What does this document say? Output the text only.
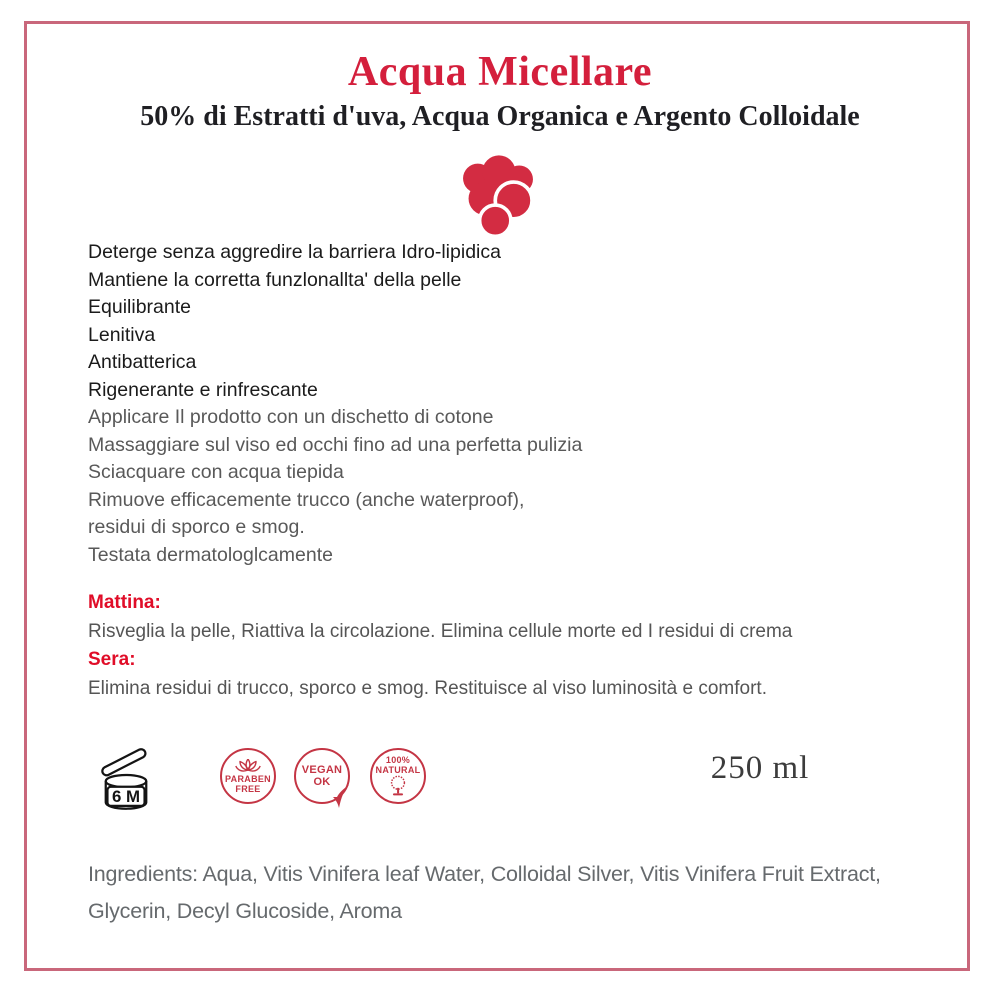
Acqua Micellare
50% di Estratti d'uva, Acqua Organica e Argento Colloidale
Deterge senza aggredire la barriera Idro-lipidica
Mantiene la corretta funzlonallta' della pelle
Equilibrante
Lenitiva
Antibatterica
Rigenerante e rinfrescante
Applicare Il prodotto con un dischetto di cotone
Massaggiare sul viso ed occhi fino ad una perfetta pulizia
Sciacquare con acqua tiepida
Rimuove efficacemente trucco (anche waterproof),
residui di sporco e smog.
Testata dermatologlcamente
Mattina:
Risveglia la pelle, Riattiva la circolazione. Elimina cellule morte ed I residui di crema
Sera:
Elimina residui di trucco, sporco e smog. Restituisce al viso luminosità e comfort.
6 M
PARABEN
FREE
VEGAN
OK
100%
NATURAL	250 ml
Ingredients: Aqua, Vitis Vinifera leaf Water, Colloidal Silver, Vitis Vinifera Fruit Extract, Glycerin, Decyl Glucoside, Aroma
